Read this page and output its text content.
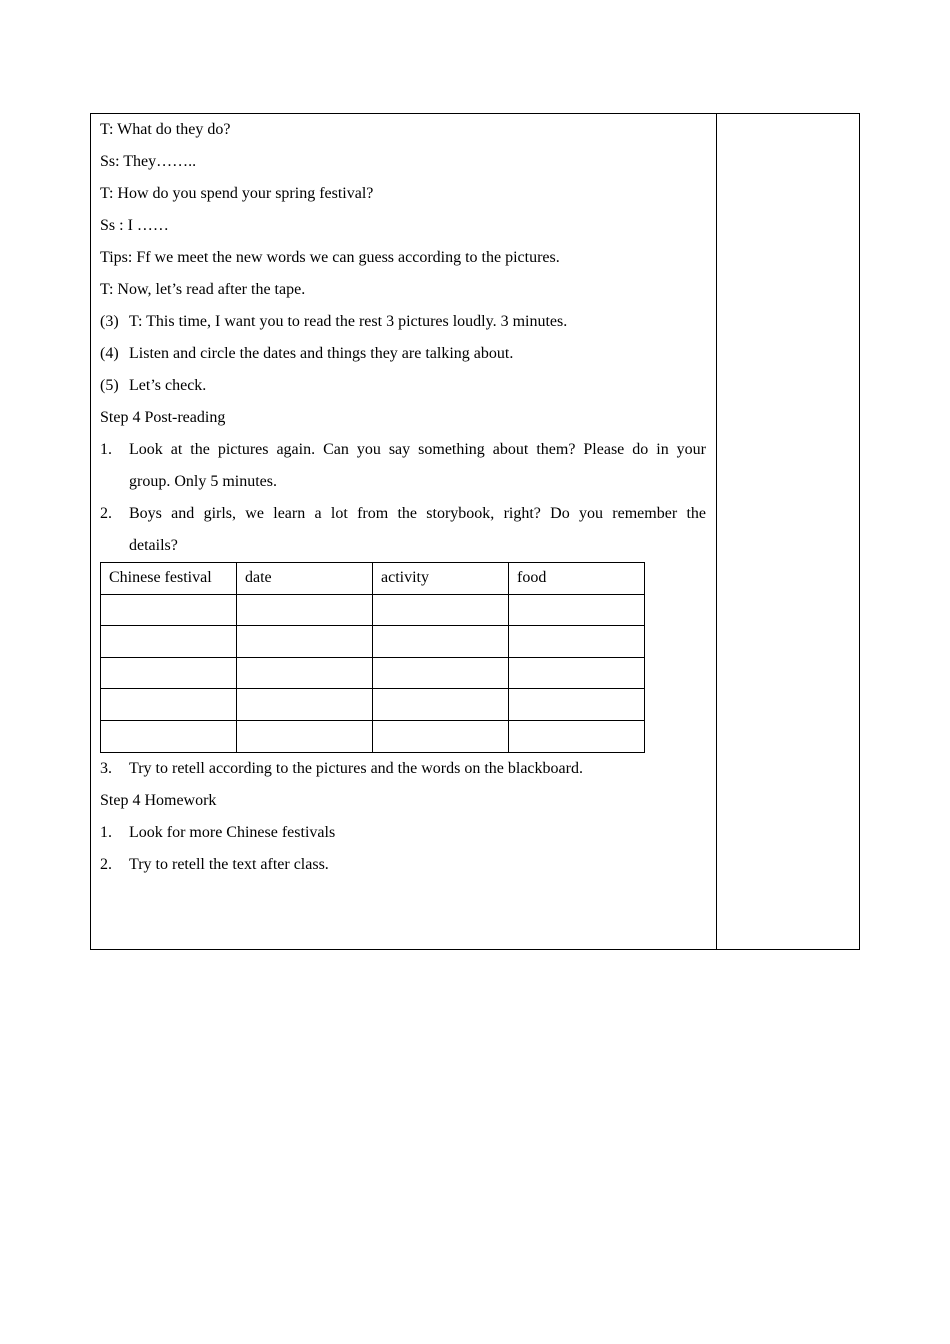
T: What do they do?
Ss: They……..
T: How do you spend your spring festival?
Ss : I ……
Tips: Ff we meet the new words we can guess according to the pictures.
T: Now, let’s read after the tape.
(3) T: This time, I want you to read the rest 3 pictures loudly. 3 minutes.
(4) Listen and circle the dates and things they are talking about.
(5) Let’s check.
Step 4 Post-reading
1.	Look at the pictures again. Can you say something about them? Please do in your
group. Only 5 minutes.
2.	Boys and girls, we learn a lot from the storybook, right? Do you remember the
details?
Chinese festival	date	activity	food

3. Try to retell according to the pictures and the words on the blackboard.
Step 4 Homework
1. Look for more Chinese festivals
2. Try to retell the text after class.
